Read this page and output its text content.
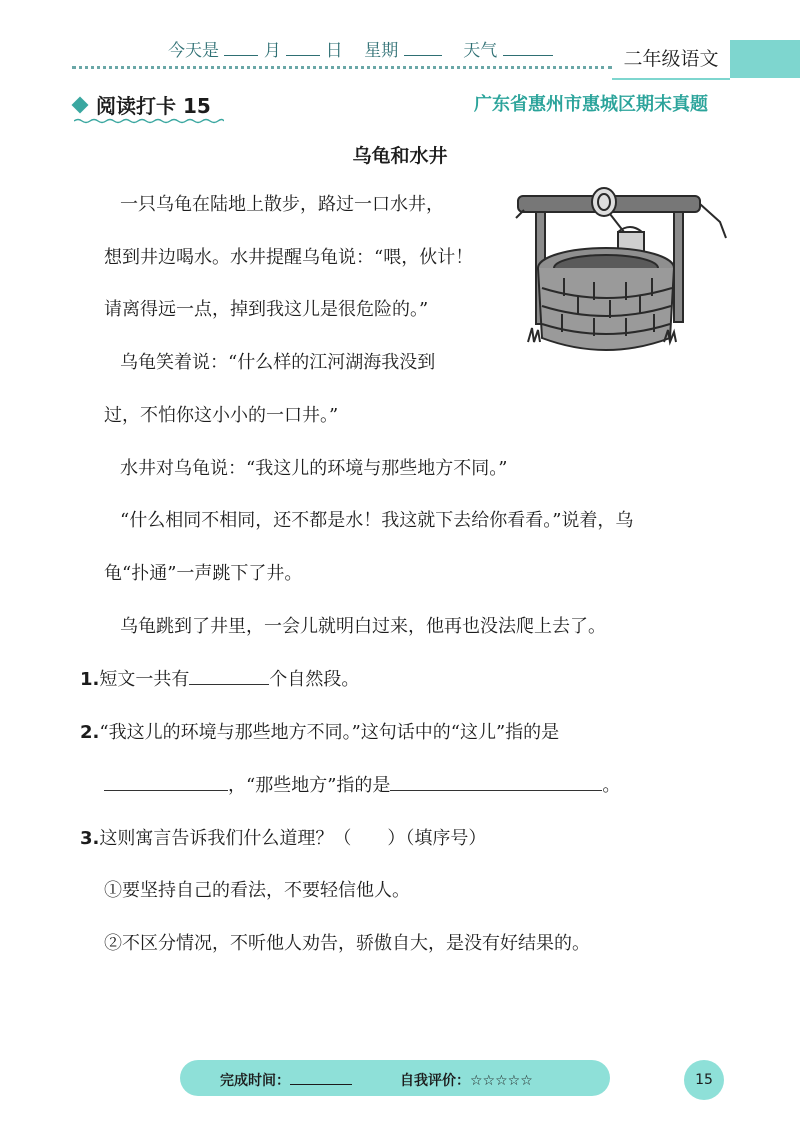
今天是	月	日 星期	天气	二年级语文
阅读打卡 15	广东省惠州市惠城区期末真题
乌龟和水井
一只乌龟在陆地上散步，路过一口水井，
想到井边喝水。水井提醒乌龟说：“喂，伙计！
请离得远一点，掉到我这儿是很危险的。”
乌龟笑着说：“什么样的江河湖海我没到
过，不怕你这小小的一口井。”
水井对乌龟说：“我这儿的环境与那些地方不同。”
“什么相同不相同，还不都是水！我这就下去给你看看。”说着，乌
龟“扑通”一声跳下了井。
乌龟跳到了井里，一会儿就明白过来，他再也没法爬上去了。
1.短文一共有	个自然段。
2.“我这儿的环境与那些地方不同。”这句话中的“这儿”指的是
，“那些地方”指的是	。
3.这则寓言告诉我们什么道理？（　　）（填序号）
①要坚持自己的看法，不要轻信他人。
②不区分情况，不听他人劝告，骄傲自大，是没有好结果的。
完成时间：	自我评价：☆☆☆☆☆	15
